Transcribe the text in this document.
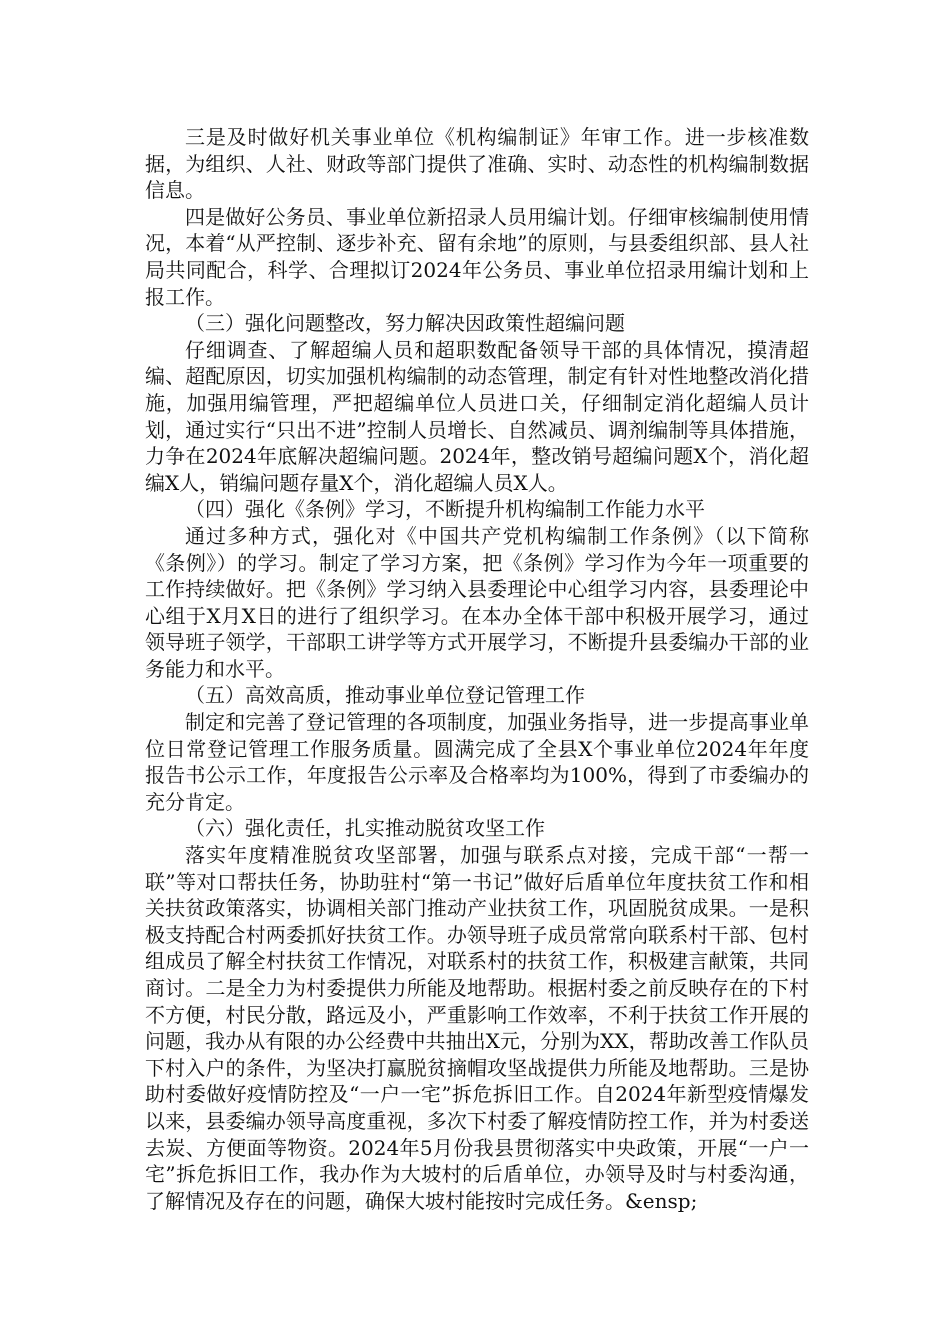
三是及时做好机关事业单位《机构编制证》年审工作。进一步核准数据，为组织、人社、财政等部门提供了准确、实时、动态性的机构编制数据信息。

四是做好公务员、事业单位新招录人员用编计划。仔细审核编制使用情况，本着“从严控制、逐步补充、留有余地”的原则，与县委组织部、县人社局共同配合，科学、合理拟订2024年公务员、事业单位招录用编计划和上报工作。

（三）强化问题整改，努力解决因政策性超编问题

仔细调查、了解超编人员和超职数配备领导干部的具体情况，摸清超编、超配原因，切实加强机构编制的动态管理，制定有针对性地整改消化措施，加强用编管理，严把超编单位人员进口关，仔细制定消化超编人员计划，通过实行“只出不进”控制人员增长、自然减员、调剂编制等具体措施，力争在2024年底解决超编问题。2024年，整改销号超编问题X个，消化超编X人，销编问题存量X个，消化超编人员X人。

（四）强化《条例》学习，不断提升机构编制工作能力水平

通过多种方式，强化对《中国共产党机构编制工作条例》（以下简称《条例》）的学习。制定了学习方案，把《条例》学习作为今年一项重要的工作持续做好。把《条例》学习纳入县委理论中心组学习内容，县委理论中心组于X月X日的进行了组织学习。在本办全体干部中积极开展学习，通过领导班子领学，干部职工讲学等方式开展学习，不断提升县委编办干部的业务能力和水平。

（五）高效高质，推动事业单位登记管理工作

制定和完善了登记管理的各项制度，加强业务指导，进一步提高事业单位日常登记管理工作服务质量。圆满完成了全县X个事业单位2024年年度报告书公示工作，年度报告公示率及合格率均为100%，得到了市委编办的充分肯定。

（六）强化责任，扎实推动脱贫攻坚工作

落实年度精准脱贫攻坚部署，加强与联系点对接，完成干部“一帮一联”等对口帮扶任务，协助驻村“第一书记”做好后盾单位年度扶贫工作和相关扶贫政策落实，协调相关部门推动产业扶贫工作，巩固脱贫成果。一是积极支持配合村两委抓好扶贫工作。办领导班子成员常常向联系村干部、包村组成员了解全村扶贫工作情况，对联系村的扶贫工作，积极建言献策，共同商讨。二是全力为村委提供力所能及地帮助。根据村委之前反映存在的下村不方便，村民分散，路远及小，严重影响工作效率，不利于扶贫工作开展的问题，我办从有限的办公经费中共抽出X元，分别为XX，帮助改善工作队员下村入户的条件，为坚决打赢脱贫摘帽攻坚战提供力所能及地帮助。三是协助村委做好疫情防控及“一户一宅”拆危拆旧工作。自2024年新型疫情爆发以来，县委编办领导高度重视，多次下村委了解疫情防控工作，并为村委送去炭、方便面等物资。2024年5月份我县贯彻落实中央政策，开展“一户一宅”拆危拆旧工作，我办作为大坡村的后盾单位，办领导及时与村委沟通，了解情况及存在的问题，确保大坡村能按时完成任务。&ensp;
